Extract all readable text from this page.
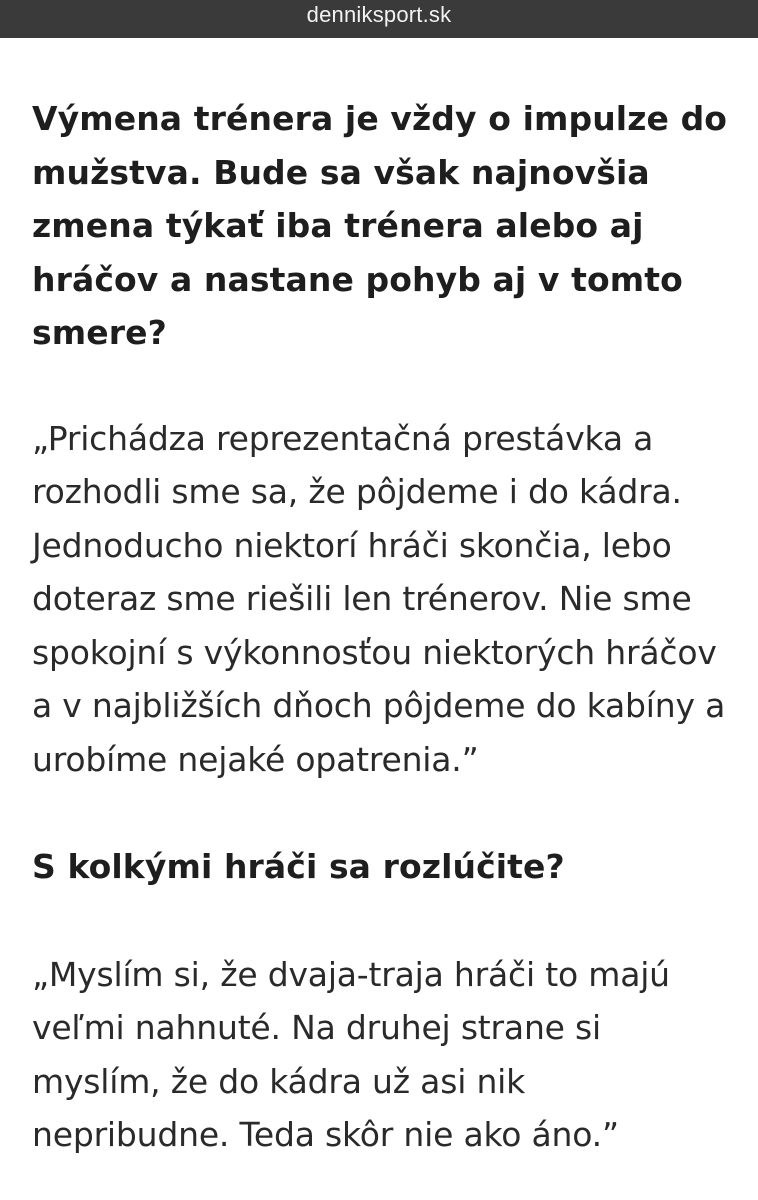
denniksport.sk
Výmena trénera je vždy o impulze do mužstva. Bude sa však najnovšia zmena týkať iba trénera alebo aj hráčov a nastane pohyb aj v tomto smere?

„Prichádza reprezentačná prestávka a rozhodli sme sa, že pôjdeme i do kádra. Jednoducho niektorí hráči skončia, lebo doteraz sme riešili len trénerov. Nie sme spokojní s výkonnosťou niektorých hráčov a v najbližších dňoch pôjdeme do kabíny a urobíme nejaké opatrenia.”

S kolkými hráči sa rozlúčite?

„Myslím si, že dvaja-traja hráči to majú veľmi nahnuté. Na druhej strane si myslím, že do kádra už asi nik nepribudne. Teda skôr nie ako áno.”
